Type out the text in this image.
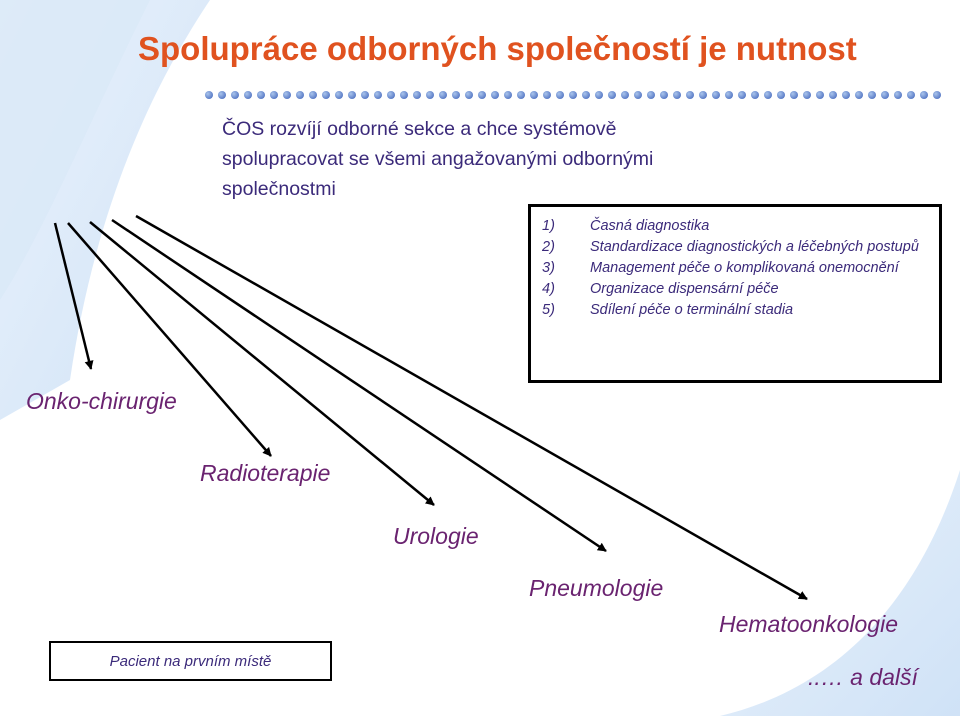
Spolupráce odborných společností je nutnost
ČOS rozvíjí odborné sekce a chce systémově
spolupracovat se všemi angažovanými odbornými
společnostmi
1)	Časná diagnostika
2)	Standardizace diagnostických a léčebných postupů
3)	Management péče o komplikovaná onemocnění
4)	Organizace dispensární péče
5)	Sdílení péče o terminální stadia

Onko-chirurgie

Radioterapie

Urologie

Pneumologie

Hematoonkologie

..… a další

Pacient na prvním místě
